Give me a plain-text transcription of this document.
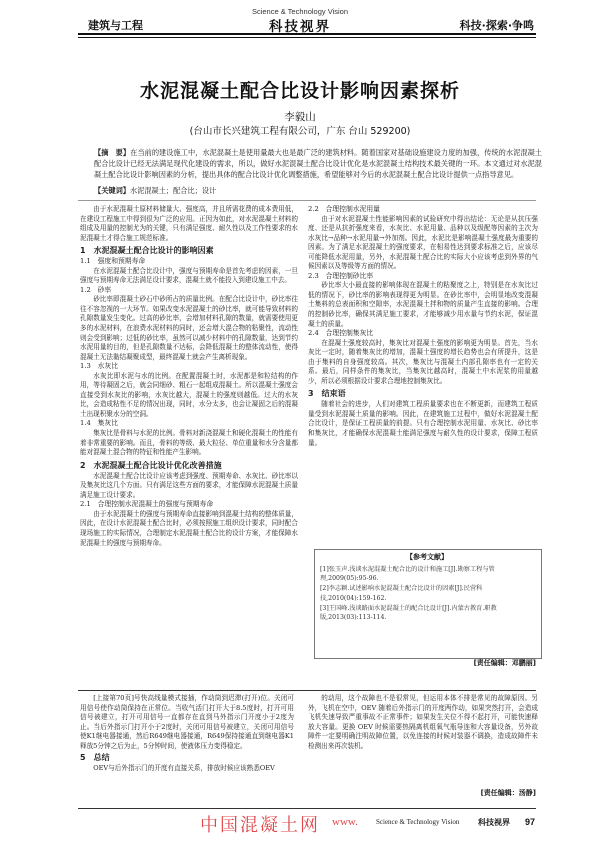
Science & Technology Vision
建筑与工程	科技视界	科技·探索·争鸣
水泥混凝土配合比设计影响因素探析
李毅山
(台山市长兴建筑工程有限公司，广东 台山 529200)
【摘　要】在当前的建设施工中，水泥混凝土是使用量最大也是最广泛的建筑材料。随着国家对基础设施建设力度的加强，传统的水泥混凝土配合比设计已经无法满足现代化建设的需求，所以，做好水泥混凝土配合比设计优化是水泥混凝土结构技术最关键的一环。本文通过对水泥混凝土配合比设计影响因素的分析，提出具体的配合比设计优化调整措施，希望能够对今后的水泥混凝土配合比设计提供一点指导意见。
【关键词】水泥混凝土；配合比；设计

由于水泥混凝土原材料储量大、强度高，并且所需花费的成本费用低，在建设工程施工中得到很为广泛的应用。正因为如此，对水泥混凝土材料的组成及用量的控制尤为的关键，只有满足强度、耐久性以及工作性要求的水泥混凝土才得合施工规范标准。

1　水泥混凝土配合比设计的影响因素
1.1　强度和预期寿命

在水泥混凝土配合比设计中，强度与预期寿命是首先考虑的因素，一旦强度与预期寿命无法满足设计要求，混凝土就不能投入到建设施工中去。

1.2　砂率

砂比率即混凝土砂石中砂所占的质量比例。在配合比设计中，砂比率往往不容忽视的一大环节。如果改变水泥混凝土的砂比率，就可能导致材料的孔隙数量发生变化。过高的砂比率，会增加材料孔隙的数量，就需要使用更多的水泥材料，在浪费水泥材料的同时，还会增大混合物的粘聚性，流动性则会受到影响；过低的砂比率，虽然可以减少材料中的孔隙数量，达到节约水泥用量的目的，但是孔隙数量不达标，会降低混凝土的整体流动性，使得混凝土无法黏结凝聚成型，最终混凝土就会产生离析现象。

1.3　水灰比

水灰比即水泥与水的比例。在配置混凝土时，水泥都是和粒结构的作用，等待凝固之后，就会同细砂、粗石一起组成混凝土。所以混凝土强度会直接受到水灰比的影响，水灰比越大，混凝土的强度则越低。过大的水灰比，会造成粘性不足的情况出现，同时，水分太多，也会让凝固之后的混凝土出现积聚水分的空洞。

1.4　集灰比

集灰比是骨料与水泥的比例。骨料对新浇混凝土和硬化混凝土的性能有着非常重要的影响。而且，骨料的等级、最大粒径、单位重量和水分含量都能对混凝土混合物的特征和性能产生影响。

2　水泥混凝土配合比设计优化改善措施

水泥混凝土配合比设计应该考虑到强度、预期寿命、水灰比、砂比率以及集灰比这几个方面。只有满足这些方面的要求，才能保障水泥混凝土质量满足施工设计要求。

2.1　合理控制水泥混凝土的强度与预期寿命

由于水泥混凝土的强度与预期寿命直接影响到混凝土结构的整体质量，因此，在设计水泥混凝土配合比时，必须按照施工组织设计要求，同时配合现场施工的实际情况，合理制定水泥混凝土配合比的设计方案，才能保障水泥混凝土的强度与预期寿命。

2.2　合理控制水泥用量

由于对水泥混凝土性能影响因素的试验研究中得出结论：无论是从抗压强度、还是从抗折强度来看，水灰比、水泥用量、品种以及级配等因素的主次为水灰比→品种→水泥用量→外加剂。因此，水泥比是影响混凝土强度最为重要的因素。为了满足水泥混凝土的强度要求，在相易性达到要求标准之后，应该尽可能降低水泥用量，另外，水泥混凝土配合比的实际大小应该考虑到外界的气候因素以及等级等方面的情况。

2.3　合理控制砂比率

砂比率大小最直接的影响体现在混凝土的粘聚度之上，特别是在水灰比过低的情况下，砂比率的影响表现得更为明显。在砂比率中，会明显地改变混凝土集料的总表面积和空隙率，水泥混凝土拌和物的质量产生直接的影响。合理的控制砂比率，确保其满足施工要求，才能够减少用水量与节约水泥，保证混凝土的质量。

2.4　合理控制集灰比

在混凝土强度较高时，集灰比对混凝土强度的影响更为明显。首先，当水灰比一定时，随着集灰比的增加，混凝土强度的增长趋势也会有所提升，这是由于集料的自身强度较高。其次，集灰比与混凝土内部孔隙率也有一定的关系。最后，同样条件的集灰比，当集灰比越高时，混凝土中水泥浆的用量越少，所以必须根据设计要求合理地控制集灰比。

3　结束语

随着社会的进步，人们对建筑工程质量要求也在不断更新，而建筑工程质量受到水泥混凝土质量的影响。因此，在建筑施工过程中，做好水泥混凝土配合比设计，是保证工程质量的前提。只有合理控制水泥用量、水灰比、砂比率和集灰比，才能确保水泥混凝土能满足强度与耐久性的设计要求，保障工程质量。

【参考文献】
[1]张玉声.浅谈水泥混凝土配合比的设计和施工[J].勘察工程与管理,2009(05):95-96.
[2]李志颖.试述影响水泥混凝土配合比设计的因素[J].民营科技,2010(04):159-162.
[3]王国峰.浅谈路面水泥混凝土的配合比设计[J].内蒙古教育.职教版,2013(03):113-114.
[责任编辑：邓鹏丽]

[上接第70页]号快高线量模式接插，作动筒到迟滞(打开)位。关闭可用信号使作动筒保持在正常位。当收气活门打开大于8.5度时，打开可用信号被建立，打开可用信号一直都存在直到马外指示门开度小于2度为止。当后外指示门打开小于2度时，关闭可用信号被建立，关闭可用信号使K1继电器接通，然后R649继电器接通，R649保持接通直到继电器K1释放5分钟之后为止，5分钟时间，使液体压力变得稳定。

5　总结

OEV与后外指示门的开度有直接关系，排放时候应该熟悉OEV

的动用，这个故障也不是很常见，但运用本体不排是常见的故障原因。另外，飞机在空中，OEV 随着后外指示门的开度两作动，如果突然打开，会造成飞机失速导致严重事故不正常事件；如果发生关位不得不起打开，可能快速释放大容量。更换 OEV 时候需要热隔离机组氧气瓶导连和大容量设备，另外故障件一定要明确注明故障位置，以免连接的时候对装器不调换，造成故障件未检测出来再次装机。

[责任编辑：汤静]
中国混凝土网 www.	Science & Technology Vision 科技视界 97
